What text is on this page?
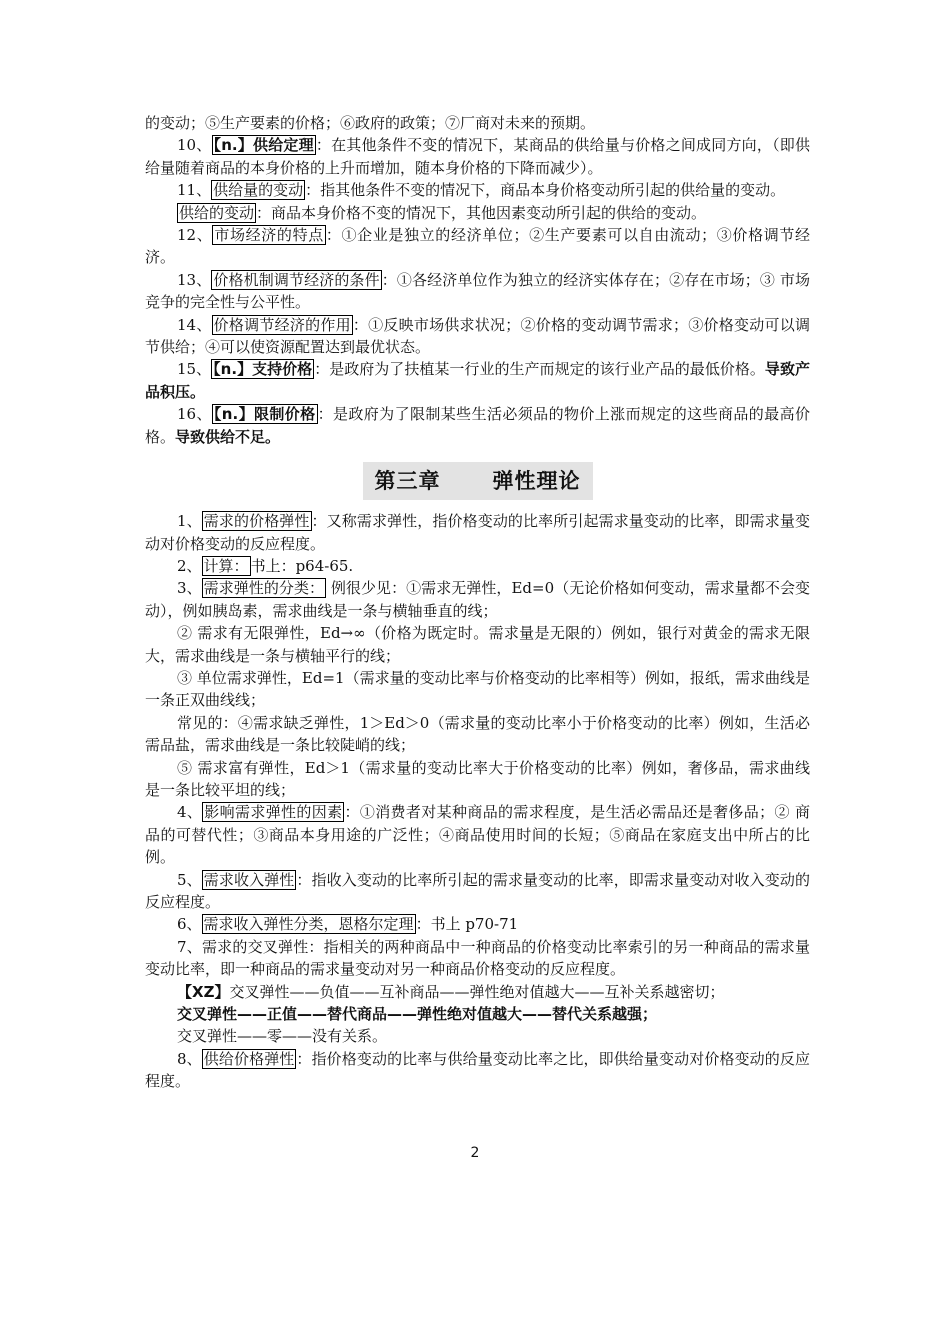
的变动；⑤生产要素的价格；⑥政府的政策；⑦厂商对未来的预期。

10、 【n.】供给定理 ：在其他条件不变的情况下，某商品的供给量与价格之间成同方向，（即供给量随着商品的本身价格的上升而增加，随本身价格的下降而减少）。

11、 供给量的变动 ：指其他条件不变的情况下，商品本身价格变动所引起的供给量的变动。

供给的变动 ：商品本身价格不变的情况下，其他因素变动所引起的供给的变动。

12、 市场经济的特点 ：①企业是独立的经济单位；②生产要素可以自由流动；③价格调节经济。

13、 价格机制调节经济的条件 ：①各经济单位作为独立的经济实体存在；②存在市场；③ 市场竞争的完全性与公平性。

14、 价格调节经济的作用 ：①反映市场供求状况；②价格的变动调节需求；③价格变动可以调节供给；④可以使资源配置达到最优状态。

15、 【n.】支持价格 ：是政府为了扶植某一行业的生产而规定的该行业产品的最低价格。导致产品积压。

16、 【n.】限制价格 ：是政府为了限制某些生活必须品的物价上涨而规定的这些商品的最高价格。导致供给不足。

第三章 弹性理论

1、 需求的价格弹性 ：又称需求弹性，指价格变动的比率所引起需求量变动的比率，即需求量变动对价格变动的反应程度。

2、 计算： 书上：p64-65.

3、 需求弹性的分类： 例很少见：①需求无弹性，Ed=0（无论价格如何变动，需求量都不会变动），例如胰岛素，需求曲线是一条与横轴垂直的线；

② 需求有无限弹性，Ed→∞（价格为既定时。需求量是无限的）例如，银行对黄金的需求无限大，需求曲线是一条与横轴平行的线；

③ 单位需求弹性，Ed=1（需求量的变动比率与价格变动的比率相等）例如，报纸，需求曲线是一条正双曲线线；

常见的：④需求缺乏弹性，1＞Ed＞0（需求量的变动比率小于价格变动的比率）例如，生活必需品盐，需求曲线是一条比较陡峭的线；

⑤ 需求富有弹性，Ed＞1（需求量的变动比率大于价格变动的比率）例如，奢侈品，需求曲线是一条比较平坦的线；

4、 影响需求弹性的因素 ：①消费者对某种商品的需求程度，是生活必需品还是奢侈品；② 商品的可替代性；③商品本身用途的广泛性；④商品使用时间的长短；⑤商品在家庭支出中所占的比例。

5、 需求收入弹性 ：指收入变动的比率所引起的需求量变动的比率，即需求量变动对收入变动的反应程度。

6、 需求收入弹性分类，恩格尔定理 ：书上 p70-71

7、需求的交叉弹性：指相关的两种商品中一种商品的价格变动比率索引的另一种商品的需求量变动比率，即一种商品的需求量变动对另一种商品价格变动的反应程度。

【XZ】交叉弹性——负值——互补商品——弹性绝对值越大——互补关系越密切；

交叉弹性——正值——替代商品——弹性绝对值越大——替代关系越强；

交叉弹性——零——没有关系。

8、 供给价格弹性 ：指价格变动的比率与供给量变动比率之比，即供给量变动对价格变动的反应程度。

2
